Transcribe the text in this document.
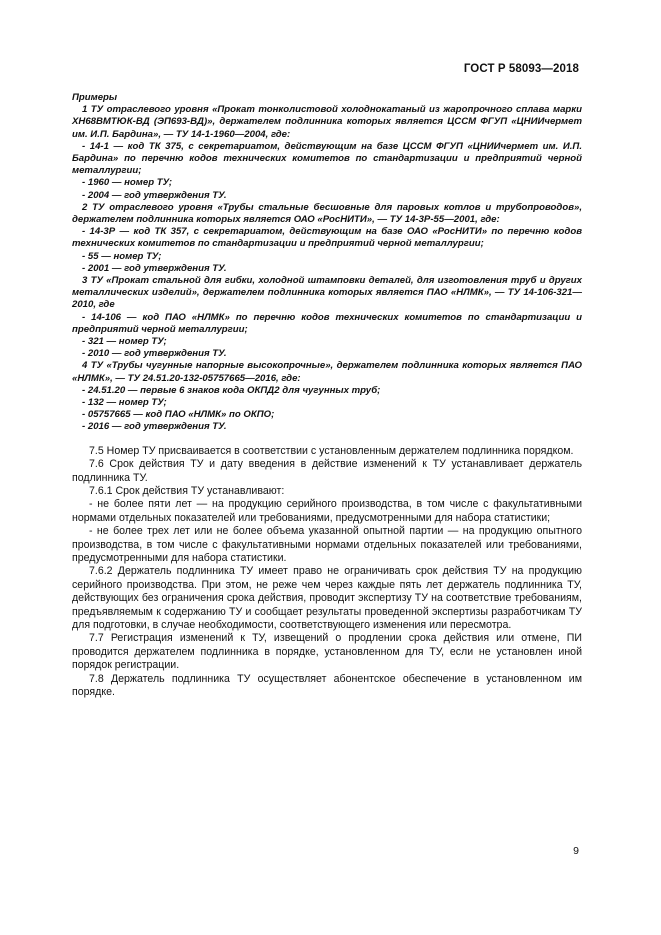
ГОСТ Р 58093—2018

Примеры

1 ТУ отраслевого уровня «Прокат тонколистовой холоднокатаный из жаропрочного сплава марки ХН68ВМТЮК-ВД (ЭП693-ВД)», держателем подлинника которых является ЦССМ ФГУП «ЦНИИчермет им. И.П. Бардина», — ТУ 14-1-1960—2004, где:

- 14-1 — код ТК 375, с секретариатом, действующим на базе ЦССМ ФГУП «ЦНИИчермет им. И.П. Бардина» по перечню кодов технических комитетов по стандартизации и предприятий черной металлургии;

- 1960 — номер ТУ;

- 2004 — год утверждения ТУ.

2 ТУ отраслевого уровня «Трубы стальные бесшовные для паровых котлов и трубопроводов», держателем подлинника которых является ОАО «РосНИТИ», — ТУ 14-3Р-55—2001, где:

- 14-3Р — код ТК 357, с секретариатом, действующим на базе ОАО «РосНИТИ» по перечню кодов технических комитетов по стандартизации и предприятий черной металлургии;

- 55 — номер ТУ;

- 2001 — год утверждения ТУ.

3 ТУ «Прокат стальной для гибки, холодной штамповки деталей, для изготовления труб и других металлических изделий», держателем подлинника которых является ПАО «НЛМК», — ТУ 14-106-321—2010, где

- 14-106 — код ПАО «НЛМК» по перечню кодов технических комитетов по стандартизации и предприятий черной металлургии;

- 321 — номер ТУ;

- 2010 — год утверждения ТУ.

4 ТУ «Трубы чугунные напорные высокопрочные», держателем подлинника которых является ПАО «НЛМК», — ТУ 24.51.20-132-05757665—2016, где:

- 24.51.20 — первые 6 знаков кода ОКПД2 для чугунных труб;

- 132 — номер ТУ;

- 05757665 — код ПАО «НЛМК» по ОКПО;

- 2016 — год утверждения ТУ.

7.5 Номер ТУ присваивается в соответствии с установленным держателем подлинника порядком.

7.6 Срок действия ТУ и дату введения в действие изменений к ТУ устанавливает держатель подлинника ТУ.

7.6.1 Срок действия ТУ устанавливают:

- не более пяти лет — на продукцию серийного производства, в том числе с факультативными нормами отдельных показателей или требованиями, предусмотренными для набора статистики;

- не более трех лет или не более объема указанной опытной партии — на продукцию опытного производства, в том числе с факультативными нормами отдельных показателей или требованиями, предусмотренными для набора статистики.

7.6.2 Держатель подлинника ТУ имеет право не ограничивать срок действия ТУ на продукцию серийного производства. При этом, не реже чем через каждые пять лет держатель подлинника ТУ, действующих без ограничения срока действия, проводит экспертизу ТУ на соответствие требованиям, предъявляемым к содержанию ТУ и сообщает результаты проведенной экспертизы разработчикам ТУ для подготовки, в случае необходимости, соответствующего изменения или пересмотра.

7.7 Регистрация изменений к ТУ, извещений о продлении срока действия или отмене, ПИ проводится держателем подлинника в порядке, установленном для ТУ, если не установлен иной порядок регистрации.

7.8 Держатель подлинника ТУ осуществляет абонентское обеспечение в установленном им порядке.

9
